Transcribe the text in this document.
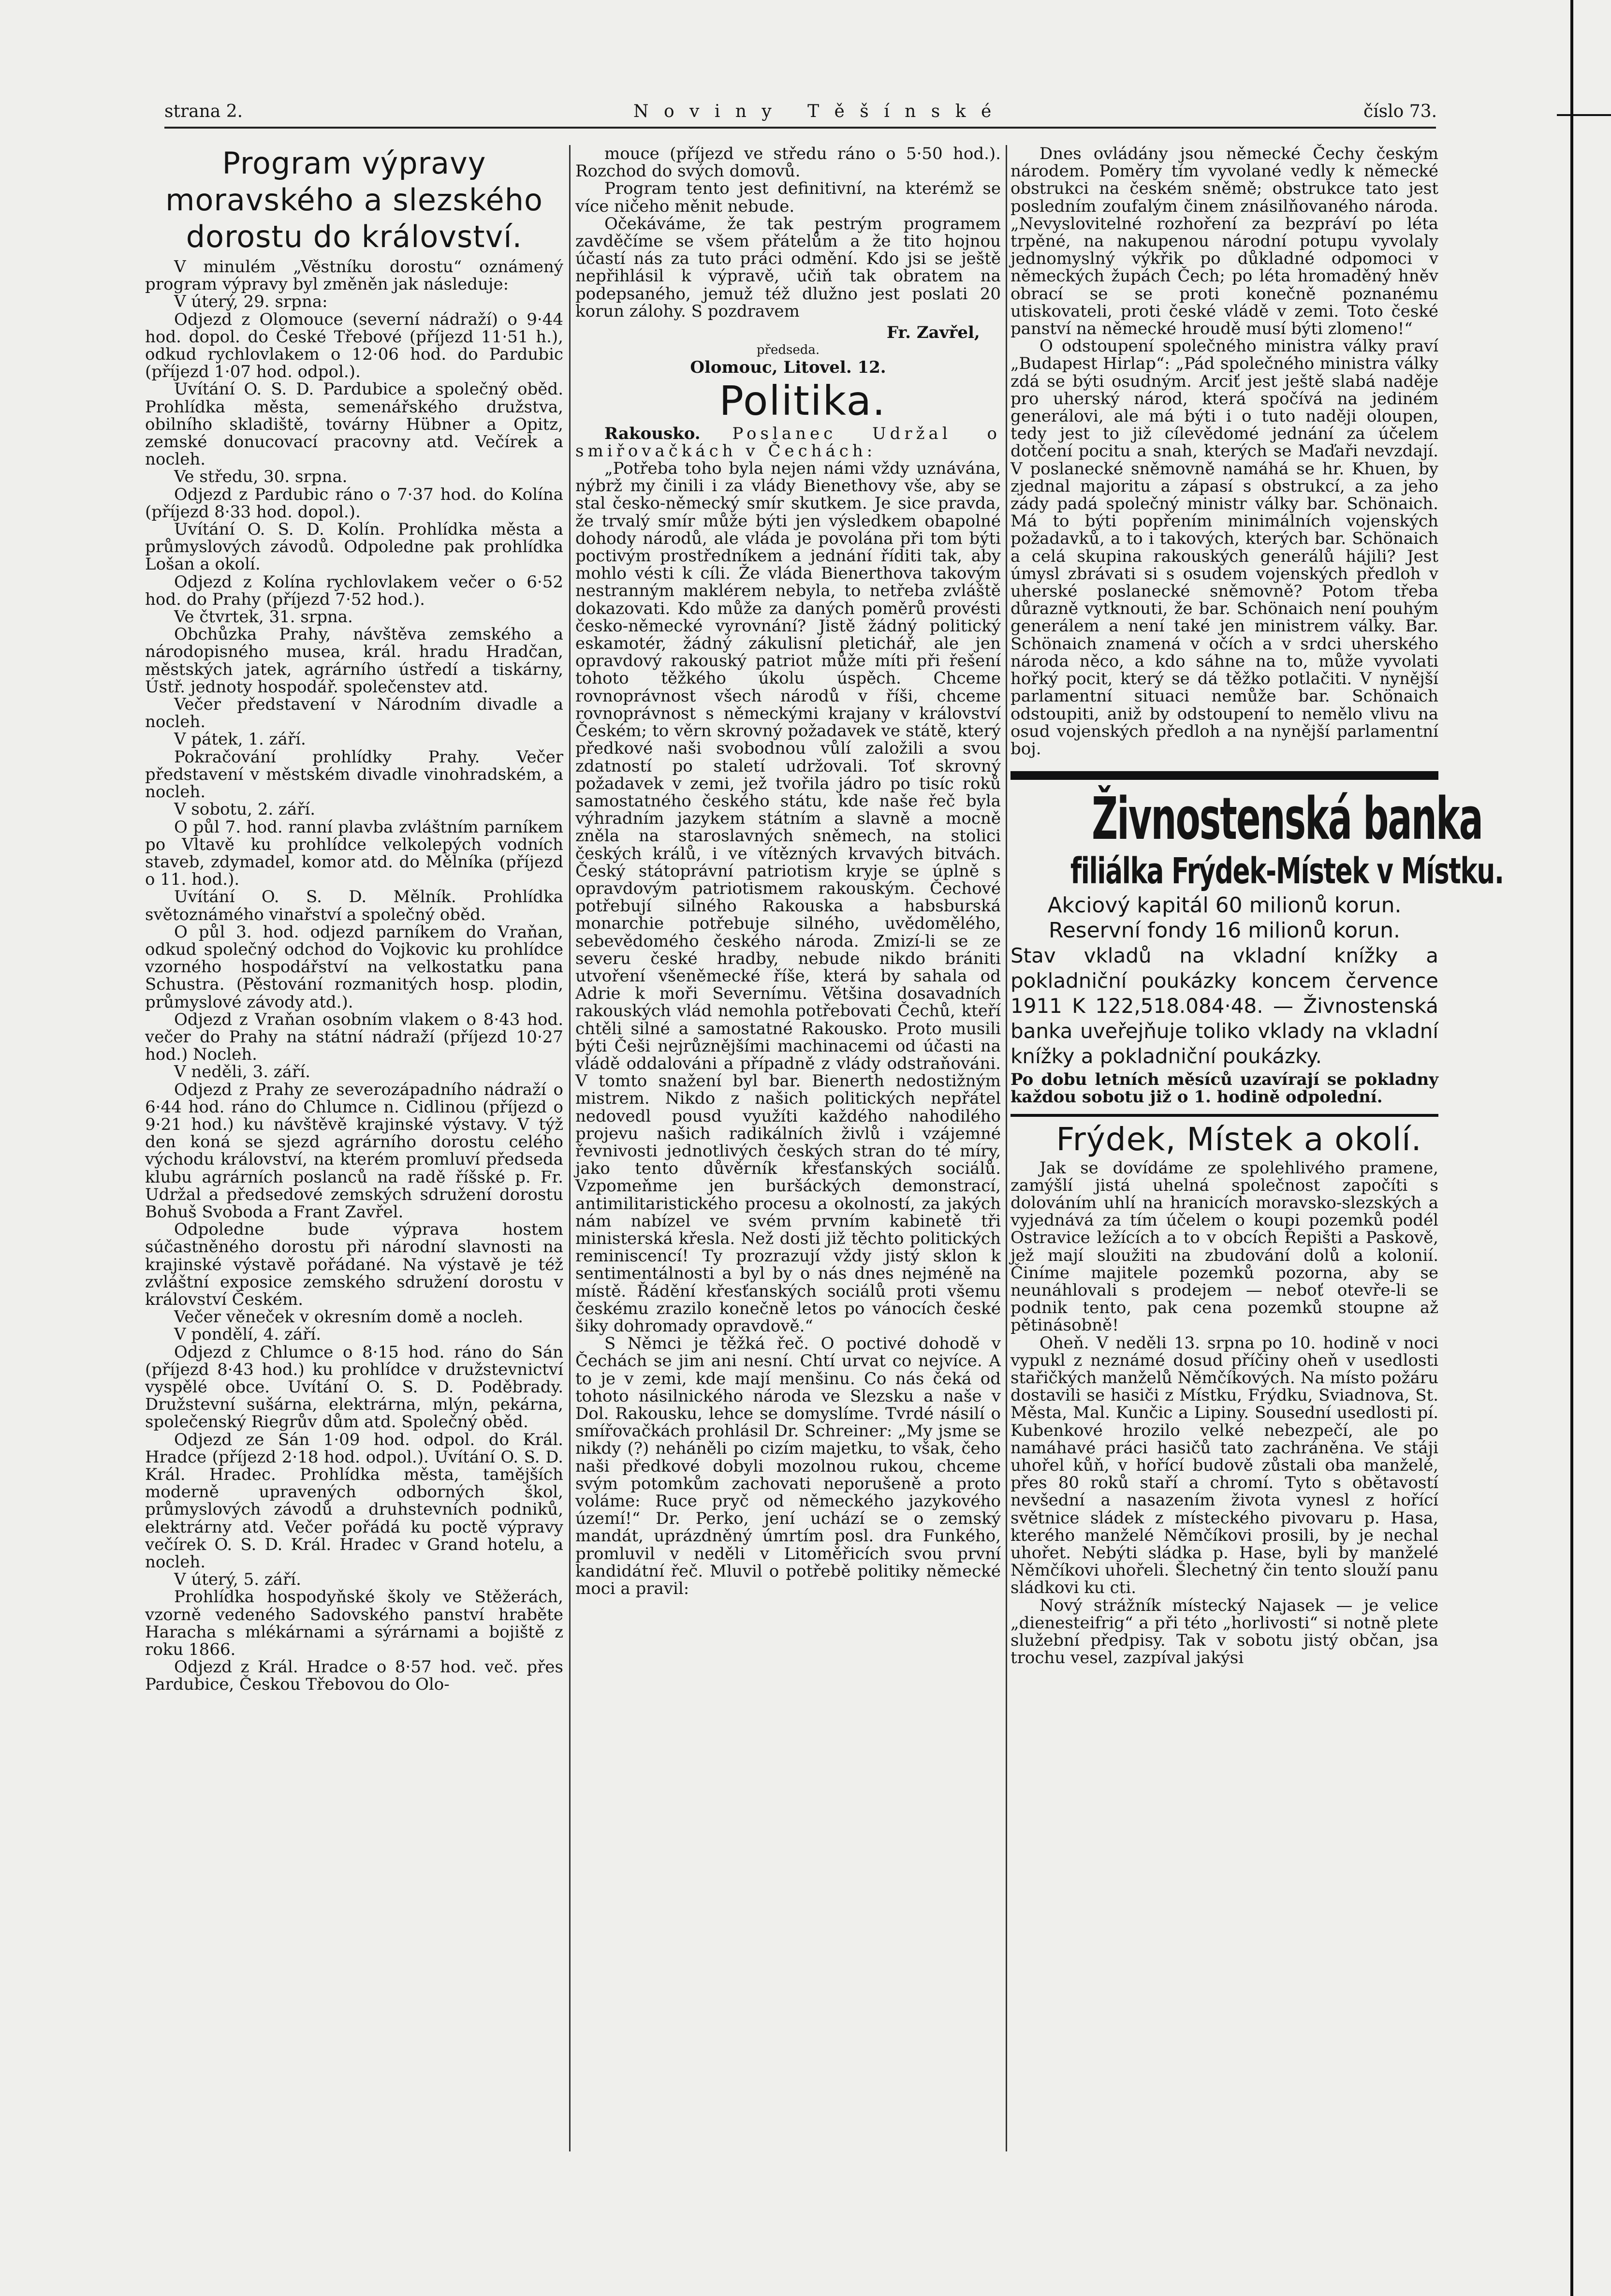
strana 2.	N o v i n y   T ě š í n s k é	číslo 73.

Program výpravy moravského a slezského dorostu do království.

V minulém „Věstníku dorostu“ oznámený program výpravy byl změněn jak následuje:

V úterý, 29. srpna:

Odjezd z Olomouce (severní nádraží) o 9·44 hod. dopol. do České Třebové (příjezd 11·51 h.), odkud rychlovlakem o 12·06 hod. do Pardubic (příjezd 1·07 hod. odpol.).

Uvítání O. S. D. Pardubice a společný oběd. Prohlídka města, semenářského družstva, obilního skladiště, továrny Hübner a Opitz, zemské donucovací pracovny atd. Večírek a nocleh.

Ve středu, 30. srpna.

Odjezd z Pardubic ráno o 7·37 hod. do Kolína (příjezd 8·33 hod. dopol.).

Uvítání O. S. D. Kolín. Prohlídka města a průmyslových závodů. Odpoledne pak prohlídka Lošan a okolí.

Odjezd z Kolína rychlovlakem večer o 6·52 hod. do Prahy (příjezd 7·52 hod.).

Ve čtvrtek, 31. srpna.

Obchůzka Prahy, návštěva zemského a národopisného musea, král. hradu Hradčan, městských jatek, agrárního ústředí a tiskárny, Ústř. jednoty hospodář. společenstev atd.

Večer představení v Národním divadle a nocleh.

V pátek, 1. září.

Pokračování prohlídky Prahy. Večer představení v městském divadle vinohradském, a nocleh.

V sobotu, 2. září.

O půl 7. hod. ranní plavba zvláštním parníkem po Vltavě ku prohlídce velkolepých vodních staveb, zdymadel, komor atd. do Mělníka (příjezd o 11. hod.).

Uvítání O. S. D. Mělník. Prohlídka světoznámého vinařství a společný oběd.

O půl 3. hod. odjezd parníkem do Vraňan, odkud společný odchod do Vojkovic ku prohlídce vzorného hospodářství na velkostatku pana Schustra. (Pěstování rozmanitých hosp. plodin, průmyslové závody atd.).

Odjezd z Vraňan osobním vlakem o 8·43 hod. večer do Prahy na státní nádraží (příjezd 10·27 hod.) Nocleh.

V neděli, 3. září.

Odjezd z Prahy ze severozápadního nádraží o 6·44 hod. ráno do Chlumce n. Cidlinou (příjezd o 9·21 hod.) ku návštěvě krajinské výstavy. V týž den koná se sjezd agrárního dorostu celého východu království, na kterém promluví předseda klubu agrárních poslanců na radě říšské p. Fr. Udržal a předsedové zemských sdružení dorostu Bohuš Svoboda a Frant Zavřel.

Odpoledne bude výprava hostem súčastněného dorostu při národní slavnosti na krajinské výstavě pořádané. Na výstavě je též zvláštní exposice zemského sdružení dorostu v království Českém.

Večer věneček v okresním domě a nocleh.

V pondělí, 4. září.

Odjezd z Chlumce o 8·15 hod. ráno do Sán (příjezd 8·43 hod.) ku prohlídce v družstevnictví vyspělé obce. Uvítání O. S. D. Poděbrady. Družstevní sušárna, elektrárna, mlýn, pekárna, společenský Riegrův dům atd. Společný oběd.

Odjezd ze Sán 1·09 hod. odpol. do Král. Hradce (příjezd 2·18 hod. odpol.). Uvítání O. S. D. Král. Hradec. Prohlídka města, tamějších moderně upravených odborných škol, průmyslových závodů a druhstevních podniků, elektrárny atd. Večer pořádá ku poctě výpravy večírek O. S. D. Král. Hradec v Grand hotelu, a nocleh.

V úterý, 5. září.

Prohlídka hospodyňské školy ve Stěžerách, vzorně vedeného Sadovského panství hraběte Haracha s mlékárnami a sýrárnami a bojiště z roku 1866.

Odjezd z Král. Hradce o 8·57 hod. več. přes Pardubice, Českou Třebovou do Olo-

mouce (příjezd ve středu ráno o 5·50 hod.). Rozchod do svých domovů.

Program tento jest definitivní, na kterémž se více ničeho měnit nebude.

Očekáváme, že tak pestrým programem zavděčíme se všem přátelům a že tito hojnou účastí nás za tuto práci odmění. Kdo jsi se ještě nepřihlásil k výpravě, učiň tak obratem na podepsaného, jemuž též dlužno jest poslati 20 korun zálohy. S pozdravem

Fr. Zavřel,

předseda.

Olomouc, Litovel. 12.

Politika.

Rakousko. Poslanec Udržal o smiřovačkách v Čechách:

„Potřeba toho byla nejen námi vždy uznávána, nýbrž my činili i za vlády Bienethovy vše, aby se stal česko-německý smír skutkem. Je sice pravda, že trvalý smír může býti jen výsledkem obapolné dohody národů, ale vláda je povolána při tom býti poctivým prostředníkem a jednání říditi tak, aby mohlo vésti k cíli. Že vláda Bienerthova takovým nestranným maklérem nebyla, to netřeba zvláště dokazovati. Kdo může za daných poměrů provésti česko-německé vyrovnání? Jistě žádný politický eskamotér, žádný zákulisní pletichář, ale jen opravdový rakouský patriot může míti při řešení tohoto těžkého úkolu úspěch. Chceme rovnoprávnost všech národů v říši, chceme rovnoprávnost s německými krajany v království Českém; to věrn skrovný požadavek ve státě, který předkové naši svobodnou vůlí založili a svou zdatností po staletí udržovali. Toť skrovný požadavek v zemi, jež tvořila jádro po tisíc roků samostatného českého státu, kde naše řeč byla výhradním jazykem státním a slavně a mocně zněla na staroslavných sněmech, na stolici českých králů, i ve vítězných krvavých bitvách. Český státoprávní patriotism kryje se úplně s opravdovým patriotismem rakouským. Čechové potřebují silného Rakouska a habsburská monarchie potřebuje silného, uvědomělého, sebevědomého českého národa. Zmizí-li se ze severu české hradby, nebude nikdo brániti utvoření všeněmecké říše, která by sahala od Adrie k moři Severnímu. Většina dosavadních rakouských vlád nemohla potřebovati Čechů, kteří chtěli silné a samostatné Rakousko. Proto musili býti Češi nejrůznějšími machinacemi od účasti na vládě oddalováni a případně z vlády odstraňováni. V tomto snažení byl bar. Bienerth nedostižným mistrem. Nikdo z našich politických nepřátel nedovedl pousd využíti každého nahodilého projevu našich radikálních živlů i vzájemné řevnivosti jednotlivých českých stran do té míry, jako tento důvěrník křesťanských sociálů. Vzpomeňme jen buršáckých demonstrací, antimilitaristického procesu a okolností, za jakých nám nabízel ve svém prvním kabinetě tři ministerská křesla. Než dosti již těchto politických reminiscencí! Ty prozrazují vždy jistý sklon k sentimentálnosti a byl by o nás dnes nejméně na místě. Řádění křesťanských sociálů proti všemu českému zrazilo konečně letos po vánocích české šiky dohromady opravdově.“

S Němci je těžká řeč. O poctivé dohodě v Čechách se jim ani nesní. Chtí urvat co nejvíce. A to je v zemi, kde mají menšinu. Co nás čeká od tohoto násilnického národa ve Slezsku a naše v Dol. Rakousku, lehce se domyslíme. Tvrdé násilí o smířovačkách prohlásil Dr. Schreiner: „My jsme se nikdy (?) neháněli po cizím majetku, to však, čeho naši předkové dobyli mozolnou rukou, chceme svým potomkům zachovati neporušeně a proto voláme: Ruce pryč od německého jazykového území!“ Dr. Perko, jení uchází se o zemský mandát, uprázdněný úmrtím posl. dra Funkého, promluvil v neděli v Litoměřicích svou první kandidátní řeč. Mluvil o potřebě politiky německé moci a pravil:

Dnes ovládány jsou německé Čechy českým národem. Poměry tím vyvolané vedly k německé obstrukci na českém sněmě; obstrukce tato jest posledním zoufalým činem znásilňovaného národa. „Nevyslovitelné rozhoření za bezpráví po léta trpěné, na nakupenou národní potupu vyvolaly jednomyslný výkřik po důkladné odpomoci v německých župách Čech; po léta hromaděný hněv obrací se se proti konečně poznanému utiskovateli, proti české vládě v zemi. Toto české panství na německé hroudě musí býti zlomeno!“

O odstoupení společného ministra války praví „Budapest Hirlap“: „Pád společného ministra války zdá se býti osudným. Arciť jest ještě slabá naděje pro uherský národ, která spočívá na jediném generálovi, ale má býti i o tuto naději oloupen, tedy jest to již cílevědomé jednání za účelem dotčení pocitu a snah, kterých se Maďaři nevzdají. V poslanecké sněmovně namáhá se hr. Khuen, by zjednal majoritu a zápasí s obstrukcí, a za jeho zády padá společný ministr války bar. Schönaich. Má to býti popřením minimálních vojenských požadavků, a to i takových, kterých bar. Schönaich a celá skupina rakouských generálů hájili? Jest úmysl zbrávati si s osudem vojenských předloh v uherské poslanecké sněmovně? Potom třeba důrazně vytknouti, že bar. Schönaich není pouhým generálem a není také jen ministrem války. Bar. Schönaich znamená v očích a v srdci uherského národa něco, a kdo sáhne na to, může vyvolati hořký pocit, který se dá těžko potlačiti. V nynější parlamentní situaci nemůže bar. Schönaich odstoupiti, aniž by odstoupení to nemělo vlivu na osud vojenských předloh a na nynější parlamentní boj.

Živnostenská banka

filiálka Frýdek-Místek v Místku.

Akciový kapitál 60 milionů korun.

Reservní fondy 16 milionů korun.

Stav vkladů na vkladní knížky a pokladniční poukázky koncem července 1911 K 122,518.084·48. — Živnostenská banka uveřejňuje toliko vklady na vkladní knížky a pokladniční poukázky.

Po dobu letních měsíců uzavírají se pokladny každou sobotu již o 1. hodině odpolední.

Frýdek, Místek a okolí.

Jak se dovídáme ze spolehlivého pramene, zamýšlí jistá uhelná společnost započíti s dolováním uhlí na hranicích moravsko-slezských a vyjednává za tím účelem o koupi pozemků podél Ostravice ležících a to v obcích Řepišti a Paskově, jež mají sloužiti na zbudování dolů a kolonií. Činíme majitele pozemků pozorna, aby se neunáhlovali s prodejem — neboť otevře-li se podnik tento, pak cena pozemků stoupne až pětinásobně!

Oheň. V neděli 13. srpna po 10. hodině v noci vypukl z neznámé dosud příčiny oheň v usedlosti stařičkých manželů Němčíkových. Na místo požáru dostavili se hasiči z Místku, Frýdku, Sviadnova, St. Města, Mal. Kunčic a Lipiny. Sousední usedlosti pí. Kubenkové hrozilo velké nebezpečí, ale po namáhavé práci hasičů tato zachráněna. Ve stáji uhořel kůň, v hořící budově zůstali oba manželé, přes 80 roků staří a chromí. Tyto s obětavostí nevšední a nasazením života vynesl z hořící světnice sládek z místeckého pivovaru p. Hasa, kterého manželé Němčíkovi prosili, by je nechal uhořet. Nebýti sládka p. Hase, byli by manželé Němčíkovi uhořeli. Šlechetný čin tento slouží panu sládkovi ku cti.

Nový strážník místecký Najasek — je velice „dienesteifrig“ a při této „horlivosti“ si notně plete služební předpisy. Tak v sobotu jistý občan, jsa trochu vesel, zazpíval jakýsi
